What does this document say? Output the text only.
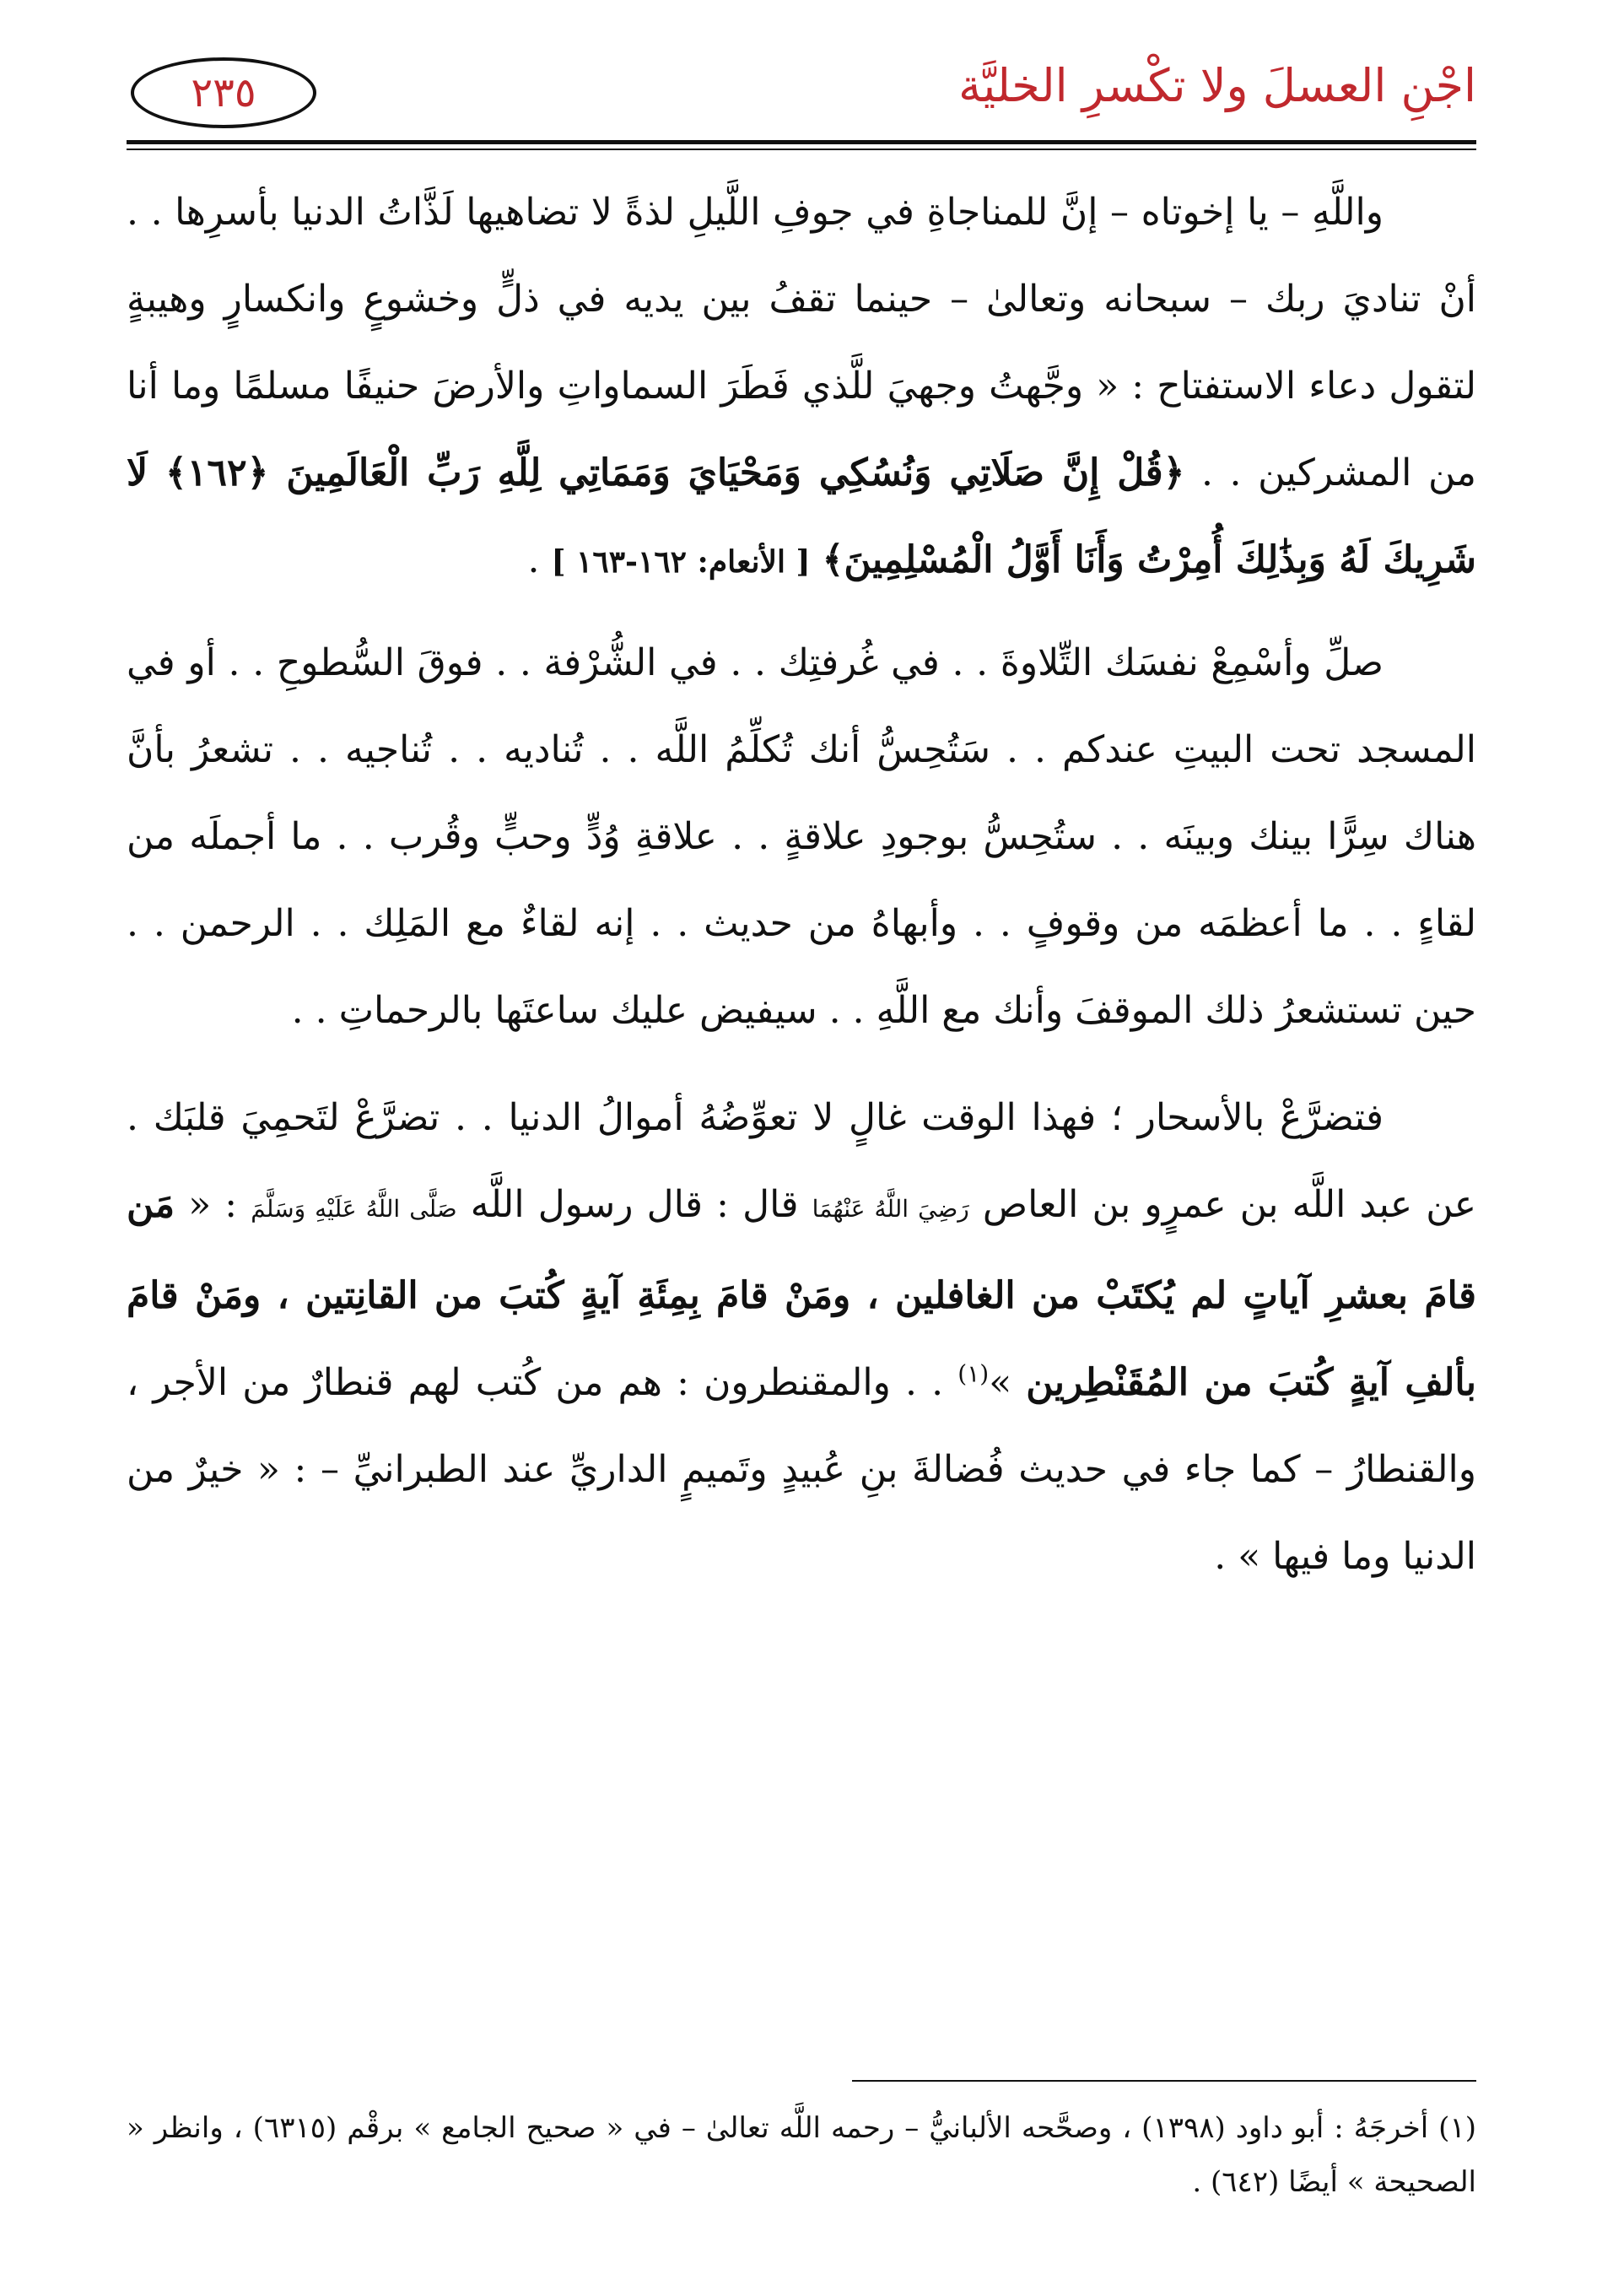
اجْنِ العسلَ ولا تكْسرِ الخليَّة
٢٣٥

واللَّهِ – يا إخوتاه – إنَّ للمناجاةِ في جوفِ اللَّيلِ لذةً لا تضاهيها لَذَّاتُ الدنيا بأسرِها . . أنْ تناديَ ربك – سبحانه وتعالىٰ – حينما تقفُ بين يديه في ذلٍّ وخشوعٍ وانكسارٍ وهيبةٍ لتقول دعاء الاستفتاح : « وجَّهتُ وجهيَ للَّذي فَطَرَ السماواتِ والأرضَ حنيفًا مسلمًا وما أنا من المشركين . . ﴿قُلْ إِنَّ صَلَاتِي وَنُسُكِي وَمَحْيَايَ وَمَمَاتِي لِلَّهِ رَبِّ الْعَالَمِينَ ﴿١٦٢﴾ لَا شَرِيكَ لَهُ وَبِذَٰلِكَ أُمِرْتُ وَأَنَا أَوَّلُ الْمُسْلِمِينَ﴾ [ الأنعام: ١٦٢-١٦٣ ] .

صلِّ وأسْمِعْ نفسَك التِّلاوةَ . . في غُرفتِك . . في الشُّرْفة . . فوقَ السُّطوحِ . . أو في المسجد تحت البيتِ عندكم . . سَتُحِسُّ أنك تُكلِّمُ اللَّه . . تُناديه . . تُناجيه . . تشعرُ بأنَّ هناك سِرًّا بينك وبينَه . . ستُحِسُّ بوجودِ علاقةٍ . . علاقةِ وُدٍّ وحبٍّ وقُرب . . ما أجملَه من لقاءٍ . . ما أعظمَه من وقوفٍ . . وأبهاهُ من حديث . . إنه لقاءٌ مع المَلِك . . الرحمن . . حين تستشعرُ ذلك الموقفَ وأنك مع اللَّهِ . . سيفيض عليك ساعتَها بالرحماتِ . .

فتضرَّعْ بالأسحار ؛ فهذا الوقت غالٍ لا تعوِّضُهُ أموالُ الدنيا . . تضرَّعْ لتَحمِيَ قلبَك . عن عبد اللَّه بن عمرٍو بن العاص رَضِيَ اللَّهُ عَنْهُمَا قال : قال رسول اللَّه صَلَّى اللَّهُ عَلَيْهِ وَسَلَّمَ : « مَن قامَ بعشرِ آياتٍ لم يُكتَبْ من الغافلين ، ومَنْ قامَ بِمِئَةِ آيةٍ كُتبَ من القانِتين ، ومَنْ قامَ بألفِ آيةٍ كُتبَ من المُقَنْطِرين »$^{(١)}$ . . والمقنطرون : هم من كُتب لهم قنطارٌ من الأجر ، والقنطارُ – كما جاء في حديث فُضالةَ بنِ عُبيدٍ وتَميمٍ الداريِّ عند الطبرانيِّ – : « خيرٌ من الدنيا وما فيها » .

(١) أخرجَهُ : أبو داود (١٣٩٨) ، وصحَّحه الألبانيُّ – رحمه اللَّه تعالىٰ – في « صحيح الجامع » برقْم (٦٣١٥) ، وانظر « الصحيحة » أيضًا (٦٤٢) .
